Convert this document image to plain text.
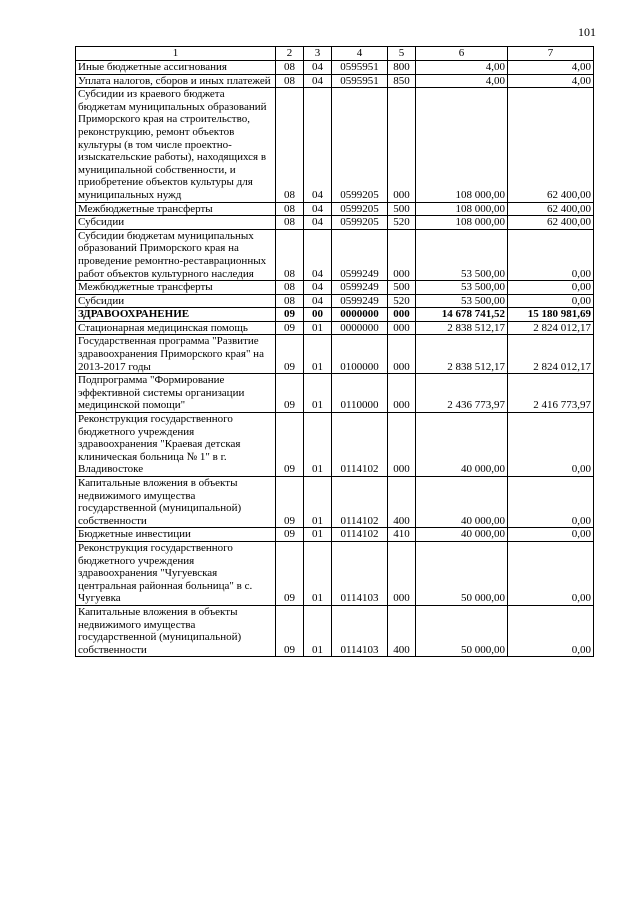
101
1	2	3	4	5	6	7
Иные бюджетные ассигнования	08	04	0595951	800	4,00	4,00
Уплата налогов, сборов и иных платежей	08	04	0595951	850	4,00	4,00
Субсидии из краевого бюджета бюджетам муниципальных образований Приморского края на строительство, реконструкцию, ремонт объектов культуры (в том числе проектно-изыскательские работы), находящихся в муниципальной собственности, и приобретение объектов культуры для муниципальных нужд	08	04	0599205	000	108 000,00	62 400,00
Межбюджетные трансферты	08	04	0599205	500	108 000,00	62 400,00
Субсидии	08	04	0599205	520	108 000,00	62 400,00
Субсидии бюджетам муниципальных образований Приморского края на проведение ремонтно-реставрационных работ объектов культурного наследия	08	04	0599249	000	53 500,00	0,00
Межбюджетные трансферты	08	04	0599249	500	53 500,00	0,00
Субсидии	08	04	0599249	520	53 500,00	0,00
ЗДРАВООХРАНЕНИЕ	09	00	0000000	000	14 678 741,52	15 180 981,69
Стационарная медицинская помощь	09	01	0000000	000	2 838 512,17	2 824 012,17
Государственная программа "Развитие здравоохранения Приморского края" на 2013-2017 годы	09	01	0100000	000	2 838 512,17	2 824 012,17
Подпрограмма "Формирование эффективной системы организации медицинской помощи"	09	01	0110000	000	2 436 773,97	2 416 773,97
Реконструкция государственного бюджетного учреждения здравоохранения "Краевая детская клиническая больница № 1" в г. Владивостоке	09	01	0114102	000	40 000,00	0,00
Капитальные вложения в объекты недвижимого имущества государственной (муниципальной) собственности	09	01	0114102	400	40 000,00	0,00
Бюджетные инвестиции	09	01	0114102	410	40 000,00	0,00
Реконструкция государственного бюджетного учреждения здравоохранения "Чугуевская центральная районная больница" в с. Чугуевка	09	01	0114103	000	50 000,00	0,00
Капитальные вложения в объекты недвижимого имущества государственной (муниципальной) собственности	09	01	0114103	400	50 000,00	0,00
